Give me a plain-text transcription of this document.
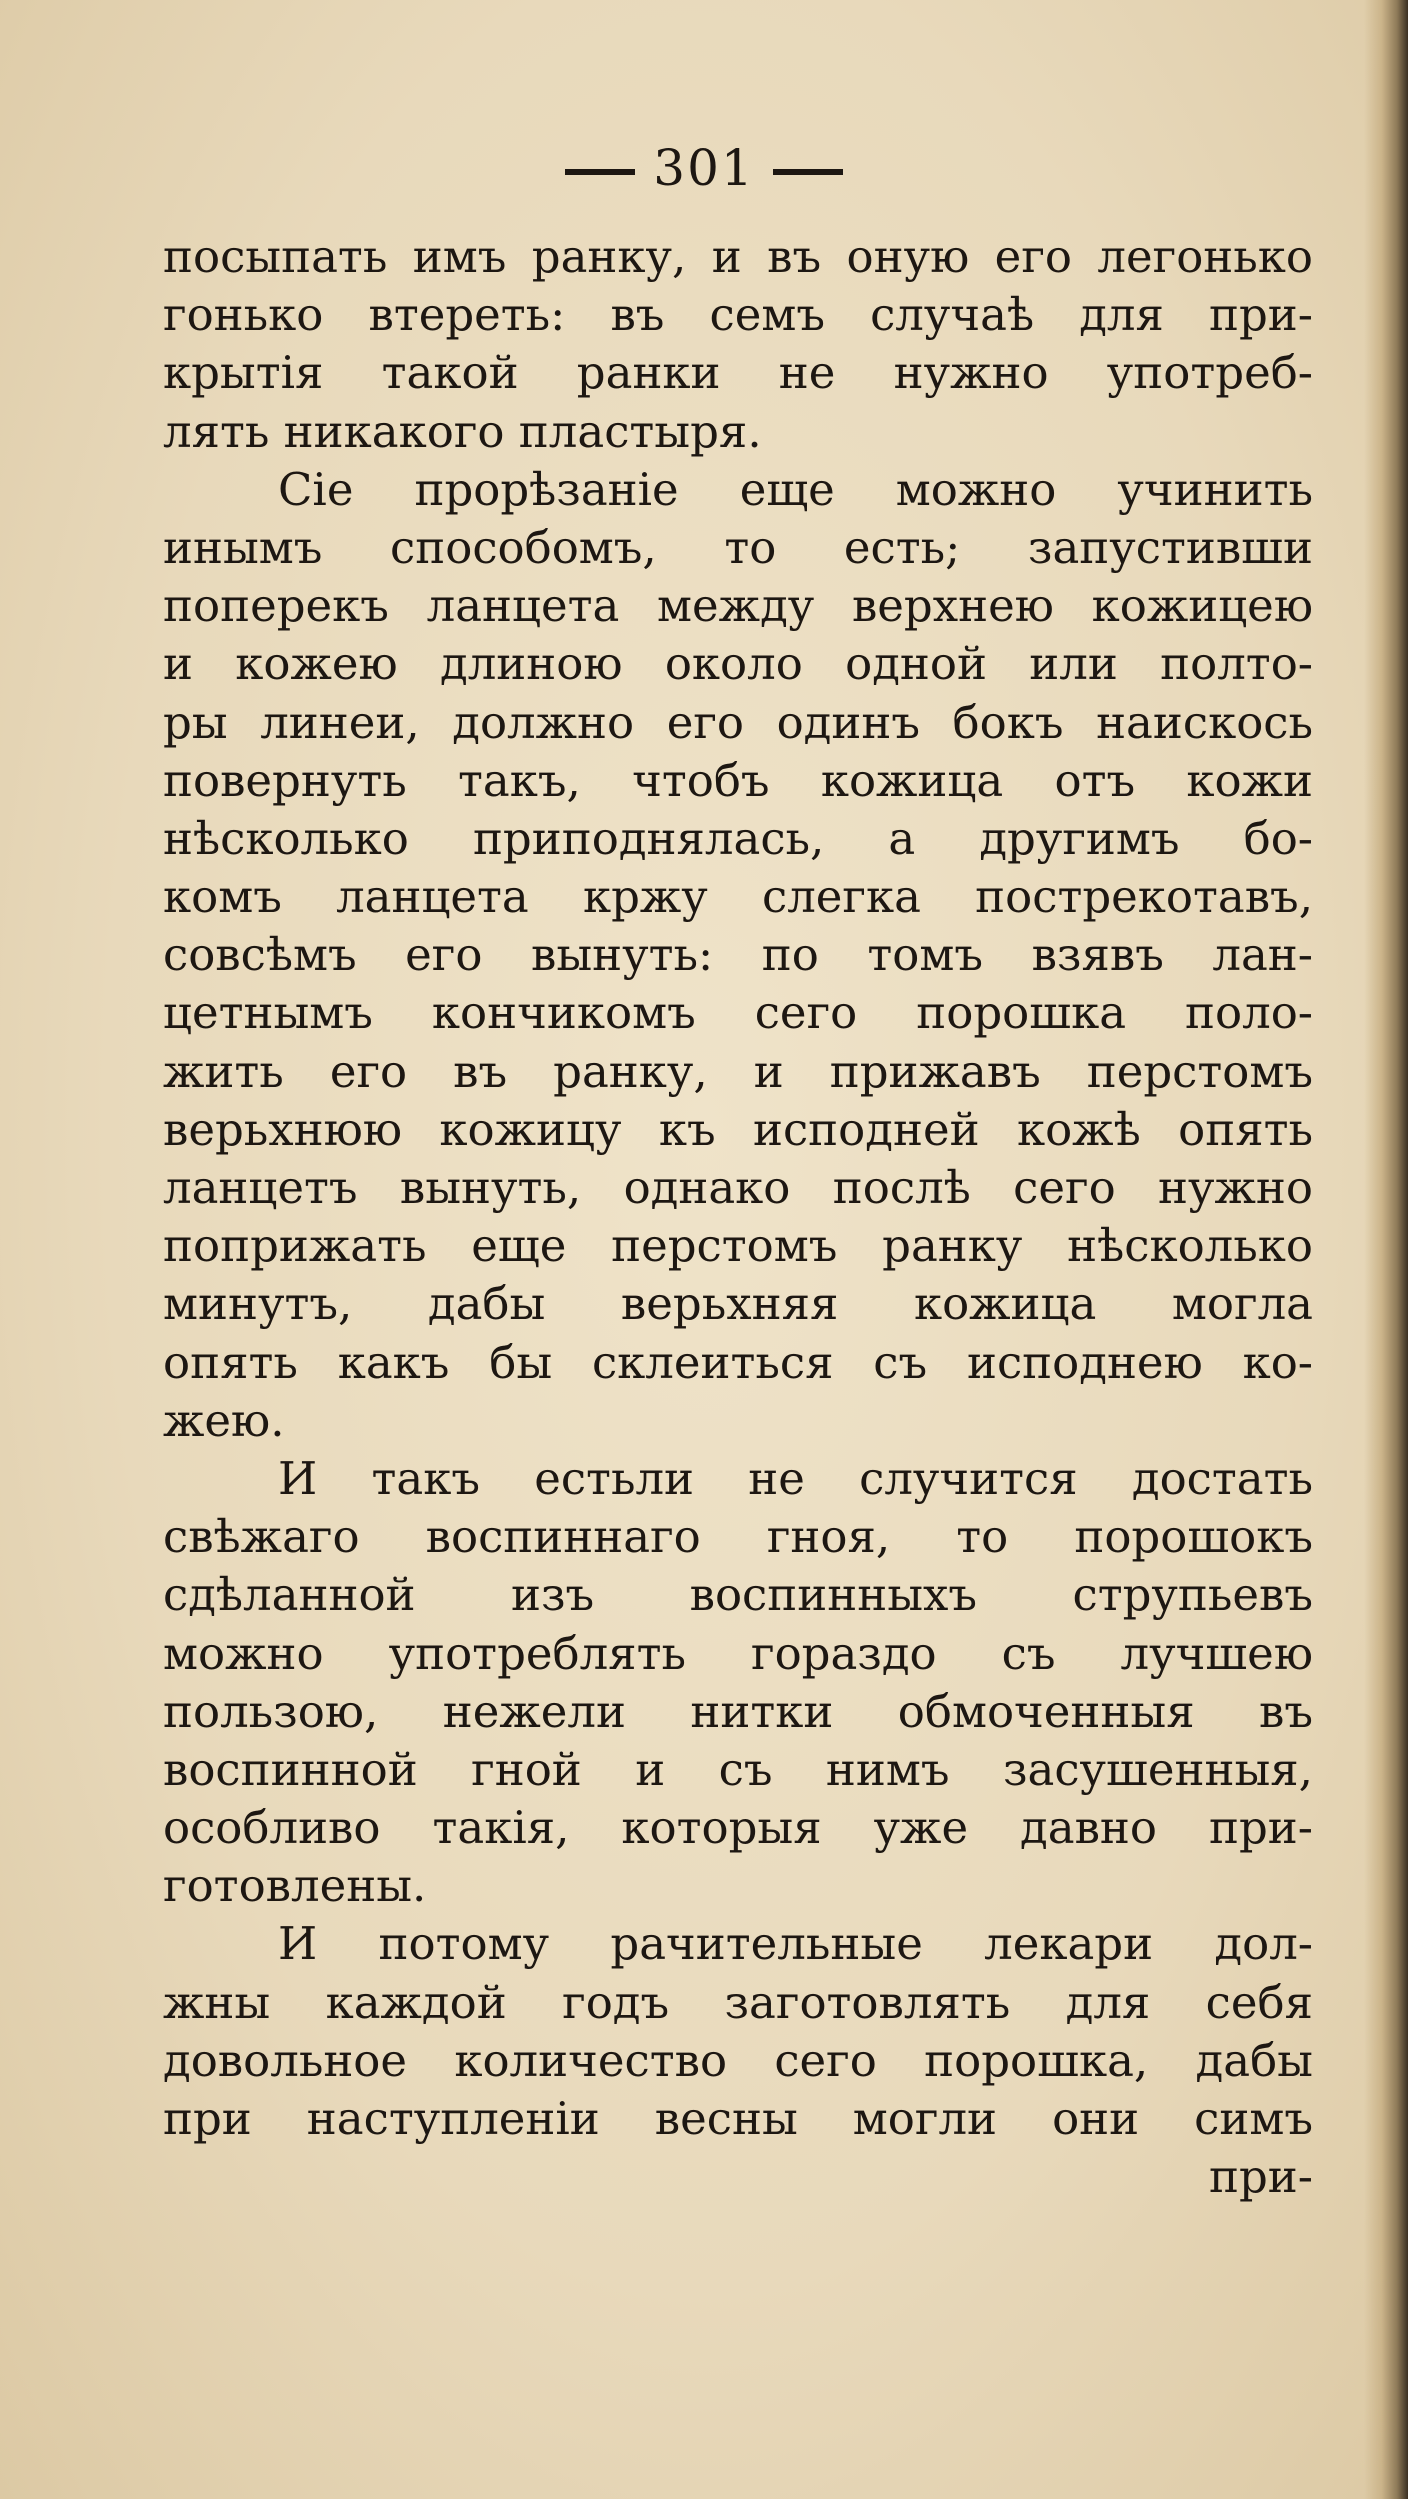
301
посыпать имъ ранку, и въ оную его легонько
гонько втереть: въ семъ случаѣ для при-
крытія такой ранки не нужно употреб-
лять никакого пластыря.
Сіе прорѣзаніе еще можно учинить
инымъ способомъ, то есть; запустивши
поперекъ ланцета между верхнею кожицею
и кожею длиною около одной или полто-
ры линеи, должно его одинъ бокъ наискось
повернуть такъ, чтобъ кожица отъ кожи
нѣсколько приподнялась, а другимъ бо-
комъ ланцета кржу слегка пострекотавъ,
совсѣмъ его вынуть: по томъ взявъ лан-
цетнымъ кончикомъ сего порошка поло-
жить его въ ранку, и прижавъ перстомъ
верьхнюю кожицу къ исподней кожѣ опять
ланцетъ вынуть, однако послѣ сего нужно
поприжать еще перстомъ ранку нѣсколько
минутъ, дабы верьхняя кожица могла
опять какъ бы склеиться съ исподнею ко-
жею.
И такъ естьли не случится достать
свѣжаго воспиннаго гноя, то порошокъ
сдѣланной изъ воспинныхъ струпьевъ
можно употреблять гораздо съ лучшею
пользою, нежели нитки обмоченныя въ
воспинной гной и съ нимъ засушенныя,
особливо такія, которыя уже давно при-
готовлены.
И потому рачительные лекари дол-
жны каждой годъ заготовлять для себя
довольное количество сего порошка, дабы
при наступленіи весны могли они симъ
при-
